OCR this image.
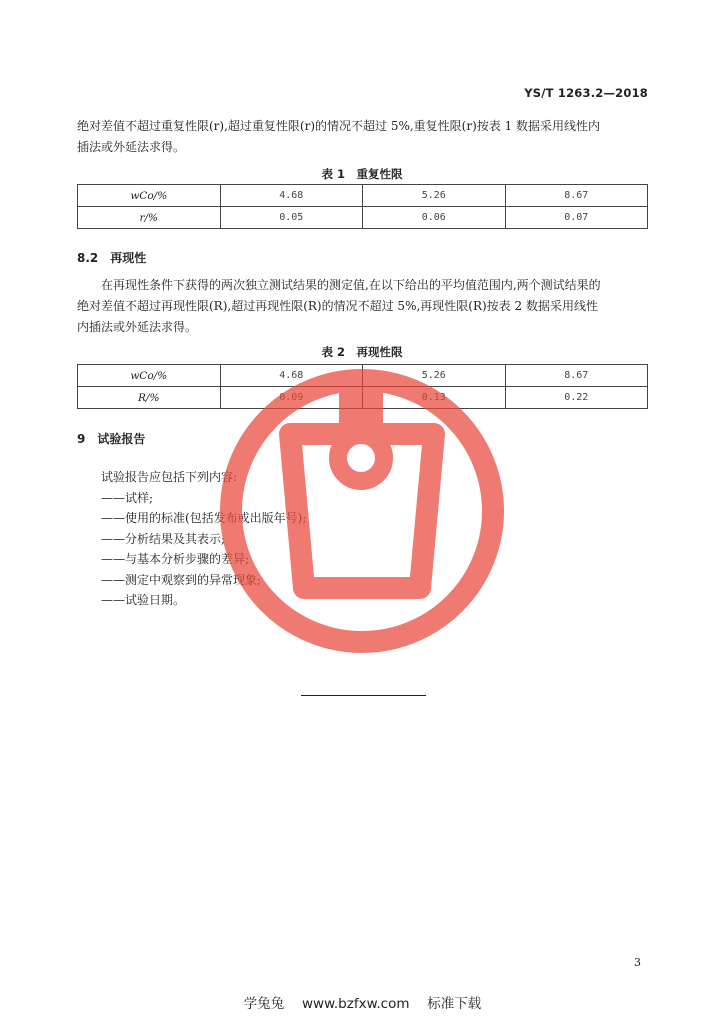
YS/T 1263.2—2018
绝对差值不超过重复性限(r),超过重复性限(r)的情况不超过 5%,重复性限(r)按表 1 数据采用线性内
插法或外延法求得。
表 1　重复性限
wCo/%	4.68	5.26	8.67
r/%	0.05	0.06	0.07
8.2　再现性
在再现性条件下获得的两次独立测试结果的测定值,在以下给出的平均值范围内,两个测试结果的
绝对差值不超过再现性限(R),超过再现性限(R)的情况不超过 5%,再现性限(R)按表 2 数据采用线性
内插法或外延法求得。
表 2　再现性限
wCo/%	4.68	5.26	8.67
R/%	0.09	0.13	0.22
9　试验报告
试验报告应包括下列内容:
——试样;
——使用的标准(包括发布或出版年号);
——分析结果及其表示;
——与基本分析步骤的差异;
——测定中观察到的异常现象;
——试验日期。
3
学兔兔　 www.bzfxw.com 　标准下载
